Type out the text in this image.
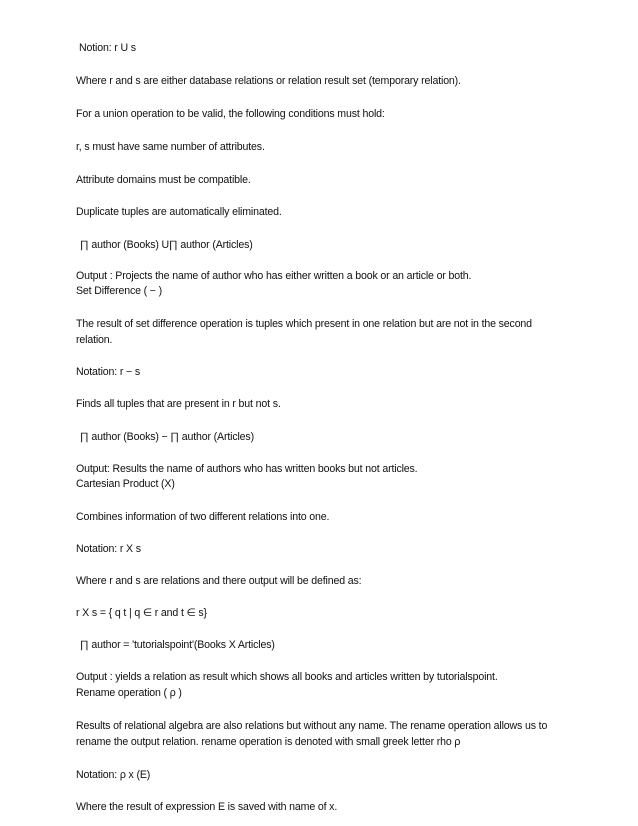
Notion: r U s
Where r and s are either database relations or relation result set (temporary relation).
For a union operation to be valid, the following conditions must hold:
r, s must have same number of attributes.
Attribute domains must be compatible.
Duplicate tuples are automatically eliminated.
∏ author (Books) U∏ author (Articles)
Output : Projects the name of author who has either written a book or an article or both.
Set Difference ( − )
The result of set difference operation is tuples which present in one relation but are not in the second
relation.
Notation: r − s
Finds all tuples that are present in r but not s.
∏ author (Books) − ∏ author (Articles)
Output: Results the name of authors who has written books but not articles.
Cartesian Product (X)
Combines information of two different relations into one.
Notation: r X s
Where r and s are relations and there output will be defined as:
r X s = { q t | q ∈ r and t ∈ s}
∏ author = 'tutorialspoint'(Books X Articles)
Output : yields a relation as result which shows all books and articles written by tutorialspoint.
Rename operation ( ρ )
Results of relational algebra are also relations but without any name. The rename operation allows us to
rename the output relation. rename operation is denoted with small greek letter rho ρ
Notation: ρ x (E)
Where the result of expression E is saved with name of x.
